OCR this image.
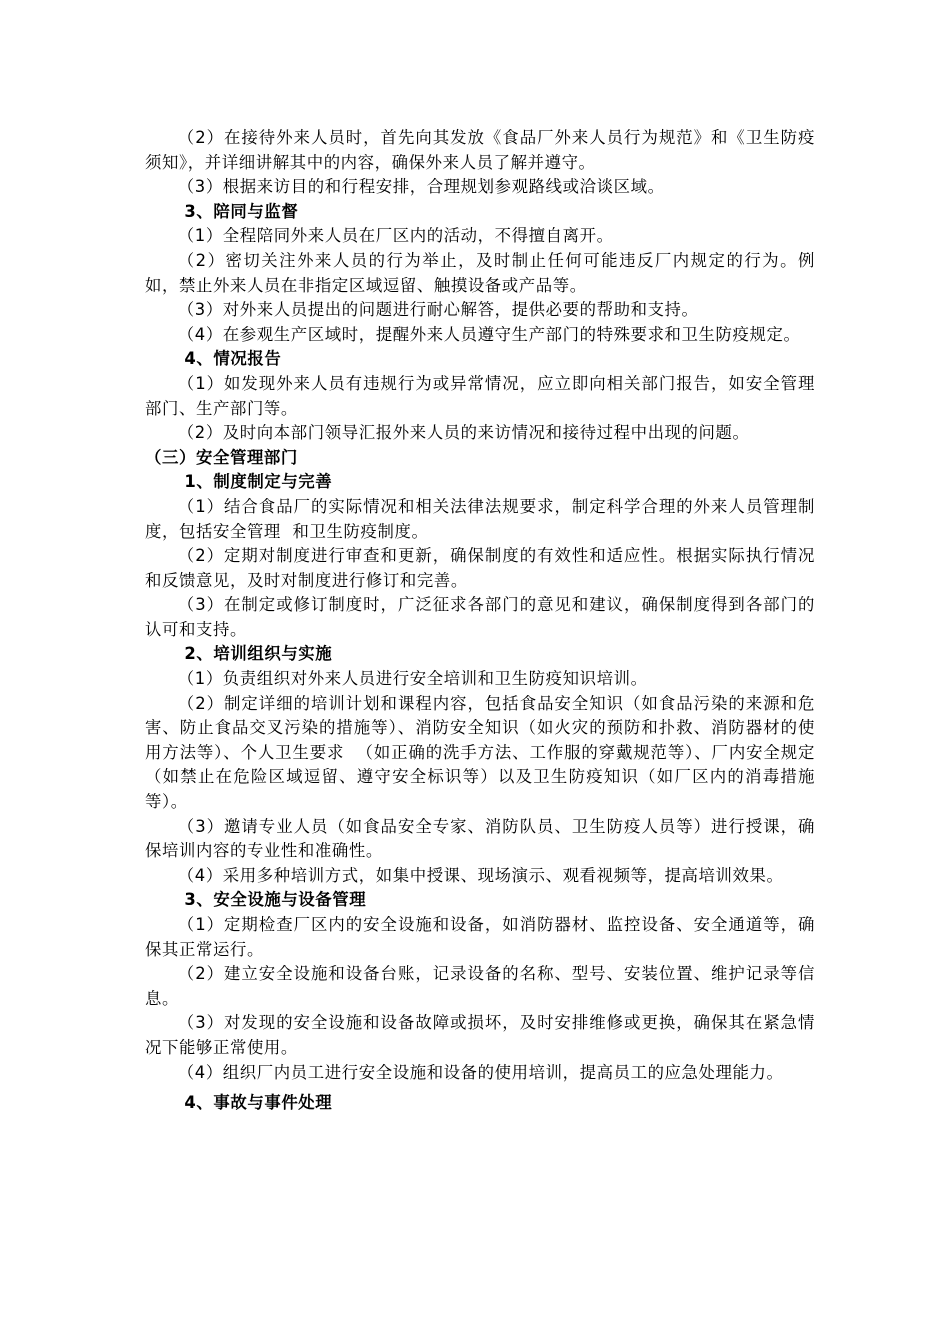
（2）在接待外来人员时，首先向其发放《食品厂外来人员行为规范》和《卫生防疫须知》，并详细讲解其中的内容，确保外来人员了解并遵守。

（3）根据来访目的和行程安排，合理规划参观路线或洽谈区域。

3、陪同与监督

（1）全程陪同外来人员在厂区内的活动，不得擅自离开。

（2）密切关注外来人员的行为举止，及时制止任何可能违反厂内规定的行为。例如，禁止外来人员在非指定区域逗留、触摸设备或产品等。

（3）对外来人员提出的问题进行耐心解答，提供必要的帮助和支持。

（4）在参观生产区域时，提醒外来人员遵守生产部门的特殊要求和卫生防疫规定。

4、情况报告

（1）如发现外来人员有违规行为或异常情况，应立即向相关部门报告，如安全管理部门、生产部门等。

（2）及时向本部门领导汇报外来人员的来访情况和接待过程中出现的问题。

（三）安全管理部门

1、制度制定与完善

（1）结合食品厂的实际情况和相关法律法规要求，制定科学合理的外来人员管理制度，包括安全管理  和卫生防疫制度。

（2）定期对制度进行审查和更新，确保制度的有效性和适应性。根据实际执行情况和反馈意见，及时对制度进行修订和完善。

（3）在制定或修订制度时，广泛征求各部门的意见和建议，确保制度得到各部门的认可和支持。

2、培训组织与实施

（1）负责组织对外来人员进行安全培训和卫生防疫知识培训。

（2）制定详细的培训计划和课程内容，包括食品安全知识（如食品污染的来源和危害、防止食品交叉污染的措施等）、消防安全知识（如火灾的预防和扑救、消防器材的使用方法等）、个人卫生要求  （如正确的洗手方法、工作服的穿戴规范等）、厂内安全规定（如禁止在危险区域逗留、遵守安全标识等）以及卫生防疫知识（如厂区内的消毒措施等）。

（3）邀请专业人员（如食品安全专家、消防队员、卫生防疫人员等）进行授课，确保培训内容的专业性和准确性。

（4）采用多种培训方式，如集中授课、现场演示、观看视频等，提高培训效果。

3、安全设施与设备管理

（1）定期检查厂区内的安全设施和设备，如消防器材、监控设备、安全通道等，确保其正常运行。

（2）建立安全设施和设备台账，记录设备的名称、型号、安装位置、维护记录等信息。

（3）对发现的安全设施和设备故障或损坏，及时安排维修或更换，确保其在紧急情况下能够正常使用。

（4）组织厂内员工进行安全设施和设备的使用培训，提高员工的应急处理能力。

4、事故与事件处理
